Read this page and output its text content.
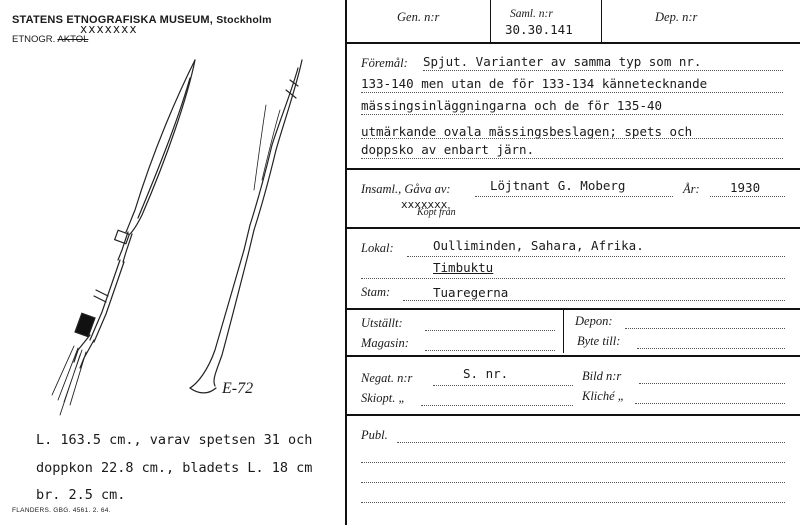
STATENS ETNOGRAFISKA MUSEUM, Stockholm
ETNOGR. AKTOL
xxxxxxx
E-72
L. 163.5 cm., varav spetsen 31 och
doppkon 22.8 cm., bladets L. 18 cm
br. 2.5 cm.
FLANDERS. GBG. 4561. 2. 64.
Gen. n:r	Saml. n:r
30.30.141
Dep. n:r
Föremål: Spjut. Varianter av samma typ som nr.
133-140 men utan de för 133-134 kännetecknande
mässingsinläggningarna och de för 135-40
utmärkande ovala mässingsbeslagen; spets och
doppsko av enbart järn.
Insaml., Gåva av:	Löjtnant G. Moberg
xxxxxxx
Köpt från
År: 1930
Lokal:	Oulliminden, Sahara, Afrika.
Timbuktu
Stam:	Tuaregerna
Utställt:	Depon:
Magasin:	Byte till:
Negat. n:r	S. nr.	Bild n:r
Skiopt. „	Kliché „
Publ.
